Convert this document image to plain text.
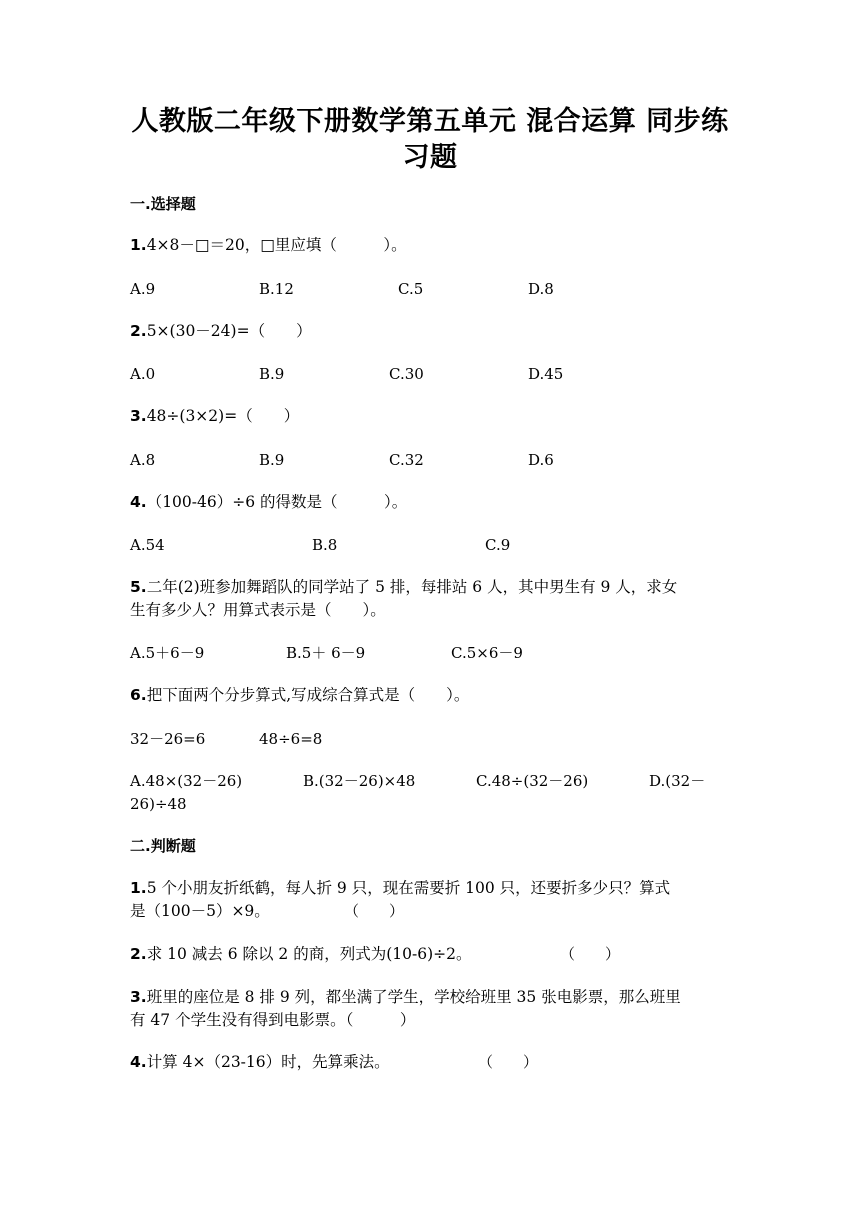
人教版二年级下册数学第五单元 混合运算 同步练
习题
一.选择题
1.4×8－□＝20，□里应填（　　　）。
A.9	B.12	C.5	D.8
2.5×(30－24)=（　　）
A.0	B.9	C.30	D.45
3.48÷(3×2)=（　　）
A.8	B.9	C.32	D.6
4.（100-46）÷6 的得数是（　　　）。
A.54	B.8	C.9
5.二年(2)班参加舞蹈队的同学站了 5 排，每排站 6 人，其中男生有 9 人，求女
生有多少人？用算式表示是（　　）。
A.5＋6－9	B.5＋ 6－9	C.5×6－9
6.把下面两个分步算式,写成综合算式是（　　）。
32－26=6	48÷6=8
A.48×(32－26)	B.(32－26)×48	C.48÷(32－26)	D.(32－
26)÷48
二.判断题
1.5 个小朋友折纸鹤，每人折 9 只，现在需要折 100 只，还要折多少只？算式
是（100－5）×9。	（　　）
2.求 10 减去 6 除以 2 的商，列式为(10-6)÷2。	（　　）
3.班里的座位是 8 排 9 列，都坐满了学生，学校给班里 35 张电影票，那么班里
有 47 个学生没有得到电影票。（　　　）
4.计算 4×（23-16）时，先算乘法。	（　　）
